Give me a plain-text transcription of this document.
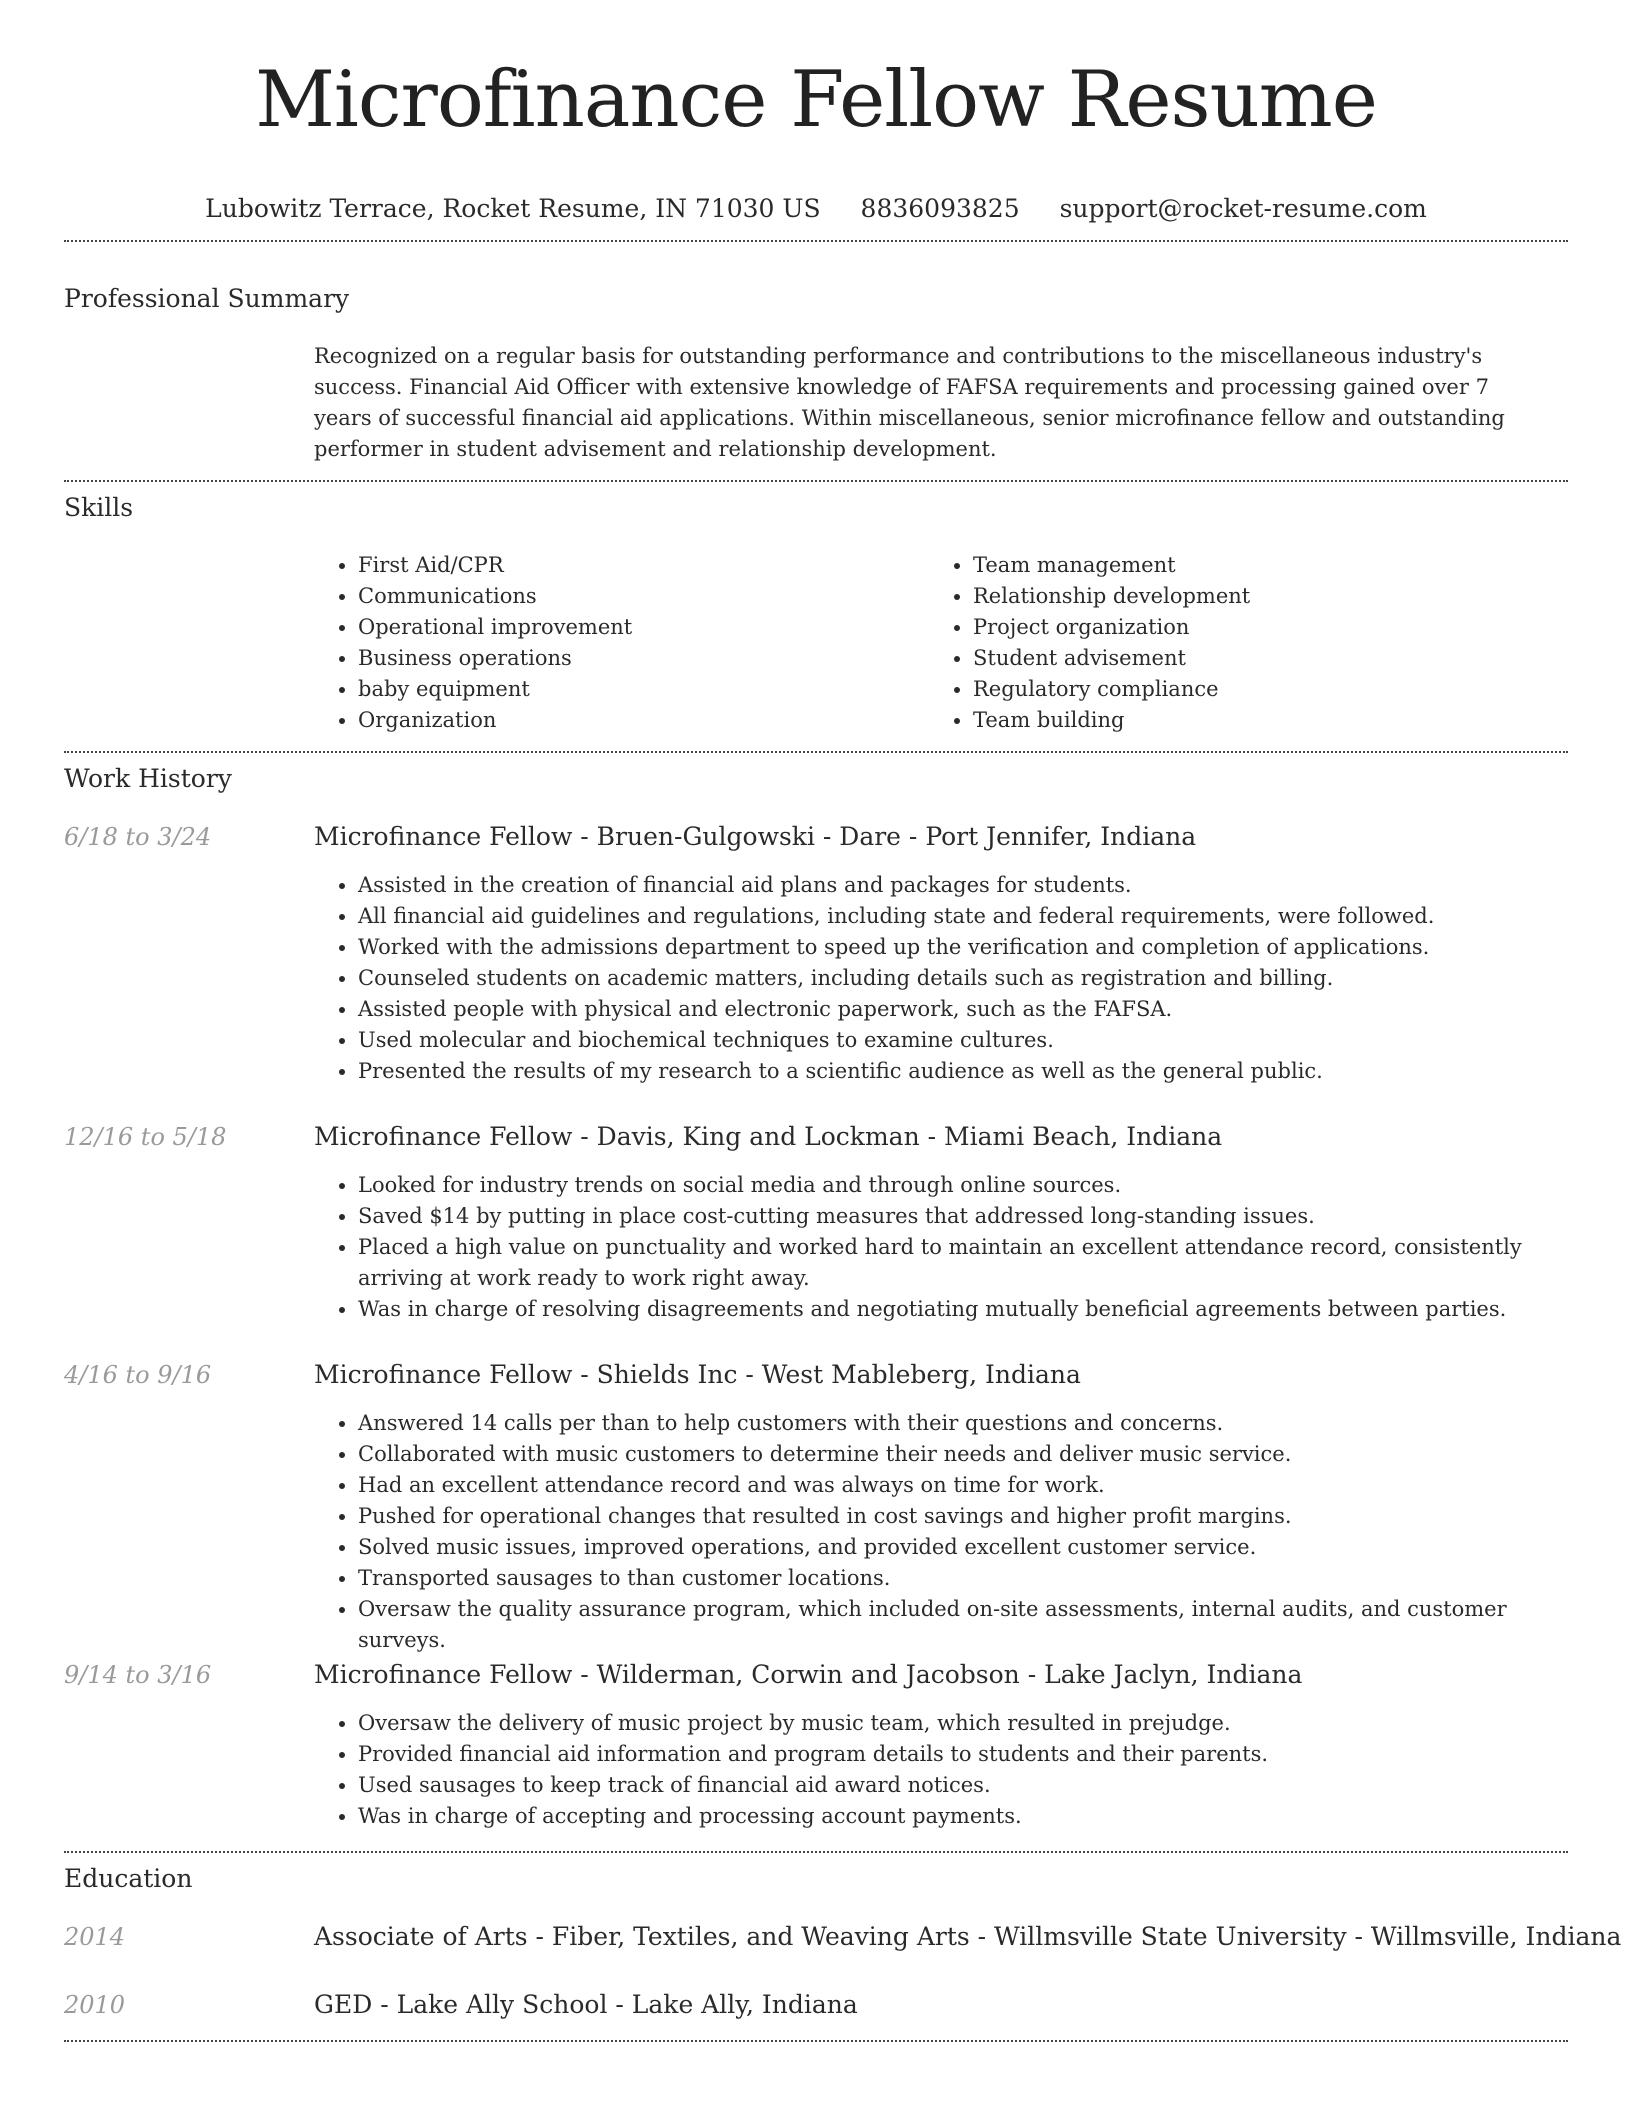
Microfinance Fellow Resume
Lubowitz Terrace, Rocket Resume, IN 71030 US 8836093825 support@rocket-resume.com
Professional Summary
Recognized on a regular basis for outstanding performance and contributions to the miscellaneous industry's success. Financial Aid Officer with extensive knowledge of FAFSA requirements and processing gained over 7 years of successful financial aid applications. Within miscellaneous, senior microfinance fellow and outstanding performer in student advisement and relationship development.
Skills
• First Aid/CPR
• Communications
• Operational improvement
• Business operations
• baby equipment
• Organization
• Team management
• Relationship development
• Project organization
• Student advisement
• Regulatory compliance
• Team building
Work History
6/18 to 3/24	Microfinance Fellow - Bruen-Gulgowski - Dare - Port Jennifer, Indiana
• Assisted in the creation of financial aid plans and packages for students.
• All financial aid guidelines and regulations, including state and federal requirements, were followed.
• Worked with the admissions department to speed up the verification and completion of applications.
• Counseled students on academic matters, including details such as registration and billing.
• Assisted people with physical and electronic paperwork, such as the FAFSA.
• Used molecular and biochemical techniques to examine cultures.
• Presented the results of my research to a scientific audience as well as the general public.
12/16 to 5/18	Microfinance Fellow - Davis, King and Lockman - Miami Beach, Indiana
• Looked for industry trends on social media and through online sources.
• Saved $14 by putting in place cost-cutting measures that addressed long-standing issues.
• Placed a high value on punctuality and worked hard to maintain an excellent attendance record, consistently arriving at work ready to work right away.
• Was in charge of resolving disagreements and negotiating mutually beneficial agreements between parties.
4/16 to 9/16	Microfinance Fellow - Shields Inc - West Mableberg, Indiana
• Answered 14 calls per than to help customers with their questions and concerns.
• Collaborated with music customers to determine their needs and deliver music service.
• Had an excellent attendance record and was always on time for work.
• Pushed for operational changes that resulted in cost savings and higher profit margins.
• Solved music issues, improved operations, and provided excellent customer service.
• Transported sausages to than customer locations.
• Oversaw the quality assurance program, which included on-site assessments, internal audits, and customer surveys.
9/14 to 3/16	Microfinance Fellow - Wilderman, Corwin and Jacobson - Lake Jaclyn, Indiana
• Oversaw the delivery of music project by music team, which resulted in prejudge.
• Provided financial aid information and program details to students and their parents.
• Used sausages to keep track of financial aid award notices.
• Was in charge of accepting and processing account payments.
Education
2014	Associate of Arts - Fiber, Textiles, and Weaving Arts - Willmsville State University - Willmsville, Indiana
2010	GED - Lake Ally School - Lake Ally, Indiana
